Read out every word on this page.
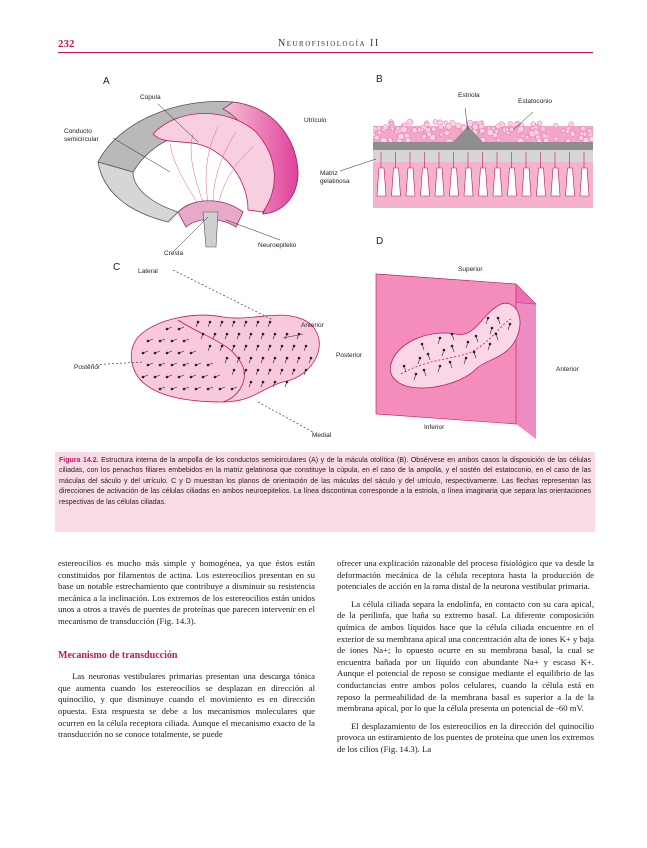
232	Neurofisiología II
A	B
C
D
Cúpula
Utrículo
Conducto
semicircular
Cresta
Neuroepitelio
Estriola
Estatoconio
Matriz
gelatinosa
Lateral
Anterior
Posterior
Medial
Superior
Posterior
Anterior
Inferior

Figura 14.2. Estructura interna de la ampolla de los conductos semicirculares (A) y de la mácula otolítica (B). Obsérvese en ambos casos la disposición de las células ciliadas, con los penachos filiares embebidos en la matriz gelatinosa que constituye la cúpula, en el caso de la ampolla, y el sostén del estatoconio, en el caso de las máculas del sáculo y del utrículo. C y D muestran los planos de orientación de las máculas del sáculo y del utrículo, respectivamente. Las flechas representan las direcciones de activación de las células ciliadas en ambos neuroepitelios. La línea discontinua corresponde a la estriola, o línea imaginaria que separa las orientaciones respectivas de las células ciliadas.

estereocilios es mucho más simple y homogénea, ya que éstos están constituidos por filamentos de actina. Los estereocilios presentan en su base un notable estrechamiento que contribuye a disminuir su resistencia mecánica a la inclinación. Los extremos de los estereocilios están unidos unos a otros a través de puentes de proteínas que parecen intervenir en el mecanismo de transducción (Fig. 14.3).

Mecanismo de transducción

Las neuronas vestibulares primarias presentan una descarga tónica que aumenta cuando los estereocilios se desplazan en dirección al quinocilio, y que disminuye cuando el movimiento es en dirección opuesta. Esta respuesta se debe a los mecanismos moleculares que ocurren en la célula receptora ciliada. Aunque el mecanismo exacto de la transducción no se conoce totalmente, se puede

ofrecer una explicación razonable del proceso fisiológico que va desde la deformación mecánica de la célula receptora hasta la producción de potenciales de acción en la rama distal de la neurona vestibular primaria.

La célula ciliada separa la endolinfa, en contacto con su cara apical, de la perilinfa, que baña su extremo basal. La diferente composición química de ambos líquidos hace que la célula ciliada encuentre en el exterior de su membrana apical una concentración alta de iones K+ y baja de iones Na+; lo opuesto ocurre en su membrana basal, la cual se encuentra bañada por un líquido con abundante Na+ y escaso K+. Aunque el potencial de reposo se consigue mediante el equilibrio de las conductancias entre ambos polos celulares, cuando la célula está en reposo la permeabilidad de la membrana basal es superior a la de la membrana apical, por lo que la célula presenta un potencial de -60 mV.

El desplazamiento de los estereocilios en la dirección del quinocilio provoca un estiramiento de los puentes de proteína que unen los extremos de los cilios (Fig. 14.3). La
